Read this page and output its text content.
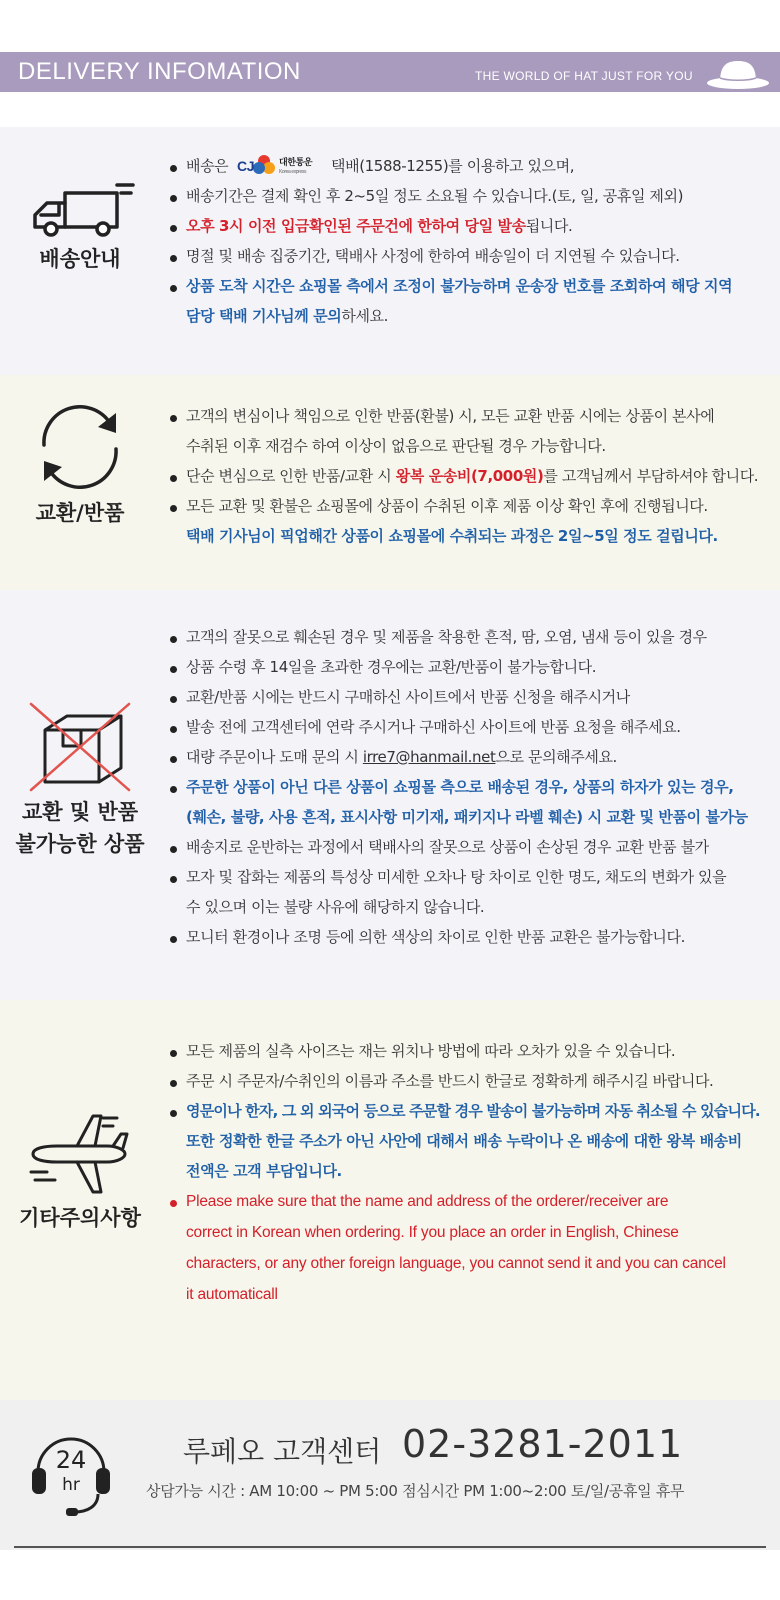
DELIVERY INFOMATION	THE WORLD OF HAT JUST FOR YOU
배송안내
배송은 CJ	대한통운
Korea express 택배(1588-1255)를 이용하고 있으며,
배송기간은 결제 확인 후 2~5일 정도 소요될 수 있습니다.(토, 일, 공휴일 제외)
오후 3시 이전 입금확인된 주문건에 한하여 당일 발송됩니다.
명절 및 배송 집중기간, 택배사 사정에 한하여 배송일이 더 지연될 수 있습니다.
상품 도착 시간은 쇼핑몰 측에서 조정이 불가능하며 운송장 번호를 조회하여 해당 지역
담당 택배 기사님께 문의하세요.
교환/반품
고객의 변심이나 책임으로 인한 반품(환불) 시, 모든 교환 반품 시에는 상품이 본사에
수취된 이후 재검수 하여 이상이 없음으로 판단될 경우 가능합니다.
단순 변심으로 인한 반품/교환 시 왕복 운송비(7,000원)를 고객님께서 부담하셔야 합니다.
모든 교환 및 환불은 쇼핑몰에 상품이 수취된 이후 제품 이상 확인 후에 진행됩니다.
택배 기사님이 픽업해간 상품이 쇼핑몰에 수취되는 과정은 2일~5일 정도 걸립니다.
교환 및 반품
불가능한 상품
고객의 잘못으로 훼손된 경우 및 제품을 착용한 흔적, 땀, 오염, 냄새 등이 있을 경우
상품 수령 후 14일을 초과한 경우에는 교환/반품이 불가능합니다.
교환/반품 시에는 반드시 구매하신 사이트에서 반품 신청을 해주시거나
발송 전에 고객센터에 연락 주시거나 구매하신 사이트에 반품 요청을 해주세요.
대량 주문이나 도매 문의 시 irre7@hanmail.net으로 문의해주세요.
주문한 상품이 아닌 다른 상품이 쇼핑몰 측으로 배송된 경우, 상품의 하자가 있는 경우,
(훼손, 불량, 사용 흔적, 표시사항 미기재, 패키지나 라벨 훼손) 시 교환 및 반품이 불가능
배송지로 운반하는 과정에서 택배사의 잘못으로 상품이 손상된 경우 교환 반품 불가
모자 및 잡화는 제품의 특성상 미세한 오차나 탕 차이로 인한 명도, 채도의 변화가 있을
수 있으며 이는 불량 사유에 해당하지 않습니다.
모니터 환경이나 조명 등에 의한 색상의 차이로 인한 반품 교환은 불가능합니다.
기타주의사항
모든 제품의 실측 사이즈는 재는 위치나 방법에 따라 오차가 있을 수 있습니다.
주문 시 주문자/수취인의 이름과 주소를 반드시 한글로 정확하게 해주시길 바랍니다.
영문이나 한자, 그 외 외국어 등으로 주문할 경우 발송이 불가능하며 자동 취소될 수 있습니다.
또한 정확한 한글 주소가 아닌 사안에 대해서 배송 누락이나 온 배송에 대한 왕복 배송비
전액은 고객 부담입니다.
Please make sure that the name and address of the orderer/receiver are
correct in Korean when ordering. If you place an order in English, Chinese
characters, or any other foreign language, you cannot send it and you can cancel
it automaticall
24
hr
루페오 고객센터 02-3281-2011
상담가능 시간 : AM 10:00 ~ PM 5:00 점심시간 PM 1:00~2:00 토/일/공휴일 휴무
